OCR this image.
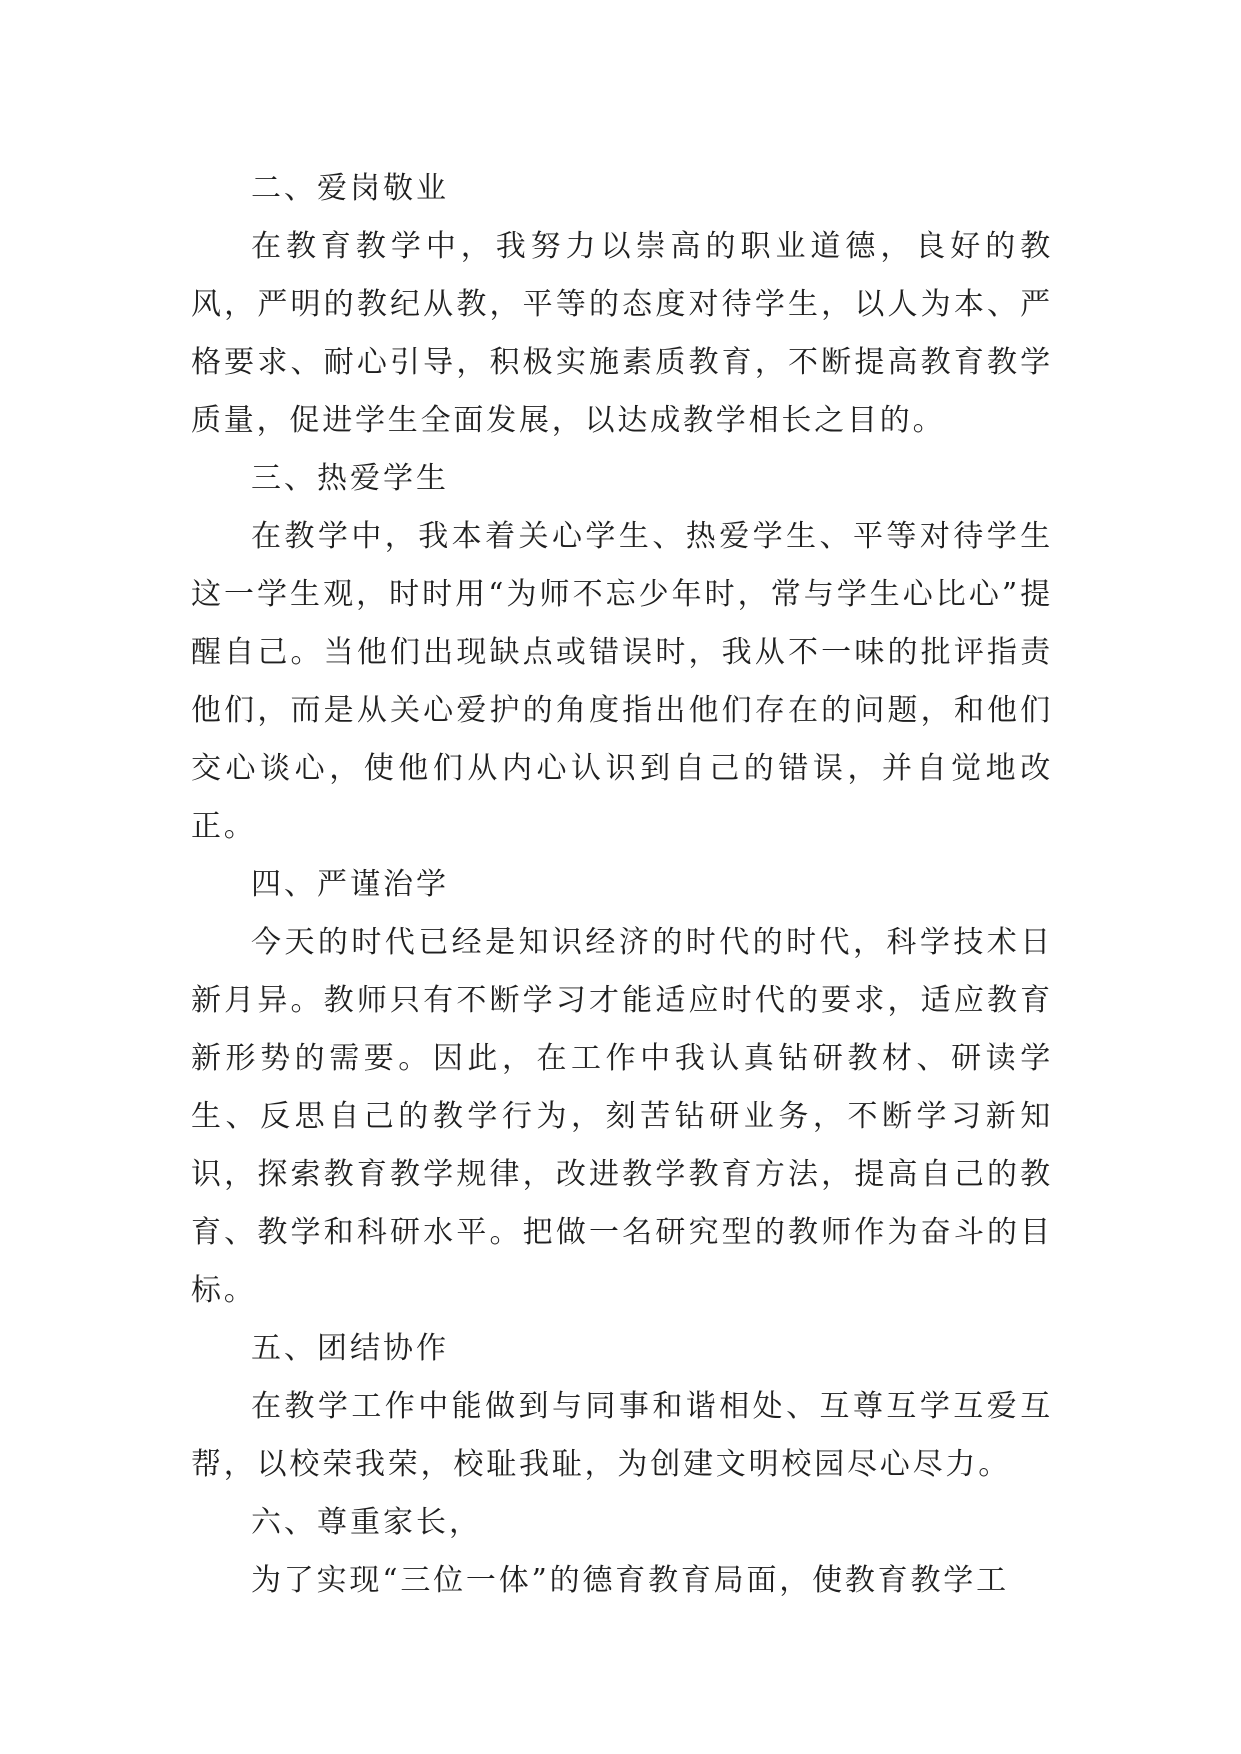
二、爱岗敬业

在教育教学中，我努力以崇高的职业道德，良好的教风，严明的教纪从教，平等的态度对待学生，以人为本、严格要求、耐心引导，积极实施素质教育，不断提高教育教学质量，促进学生全面发展，以达成教学相长之目的。

三、热爱学生

在教学中，我本着关心学生、热爱学生、平等对待学生这一学生观，时时用“为师不忘少年时，常与学生心比心”提醒自己。当他们出现缺点或错误时，我从不一味的批评指责他们，而是从关心爱护的角度指出他们存在的问题，和他们交心谈心，使他们从内心认识到自己的错误，并自觉地改正。

四、严谨治学

今天的时代已经是知识经济的时代的时代，科学技术日新月异。教师只有不断学习才能适应时代的要求，适应教育新形势的需要。因此，在工作中我认真钻研教材、研读学生、反思自己的教学行为，刻苦钻研业务，不断学习新知识，探索教育教学规律，改进教学教育方法，提高自己的教育、教学和科研水平。把做一名研究型的教师作为奋斗的目标。

五、团结协作

在教学工作中能做到与同事和谐相处、互尊互学互爱互帮，以校荣我荣，校耻我耻，为创建文明校园尽心尽力。

六、尊重家长，

为了实现“三位一体”的德育教育局面，使教育教学工
